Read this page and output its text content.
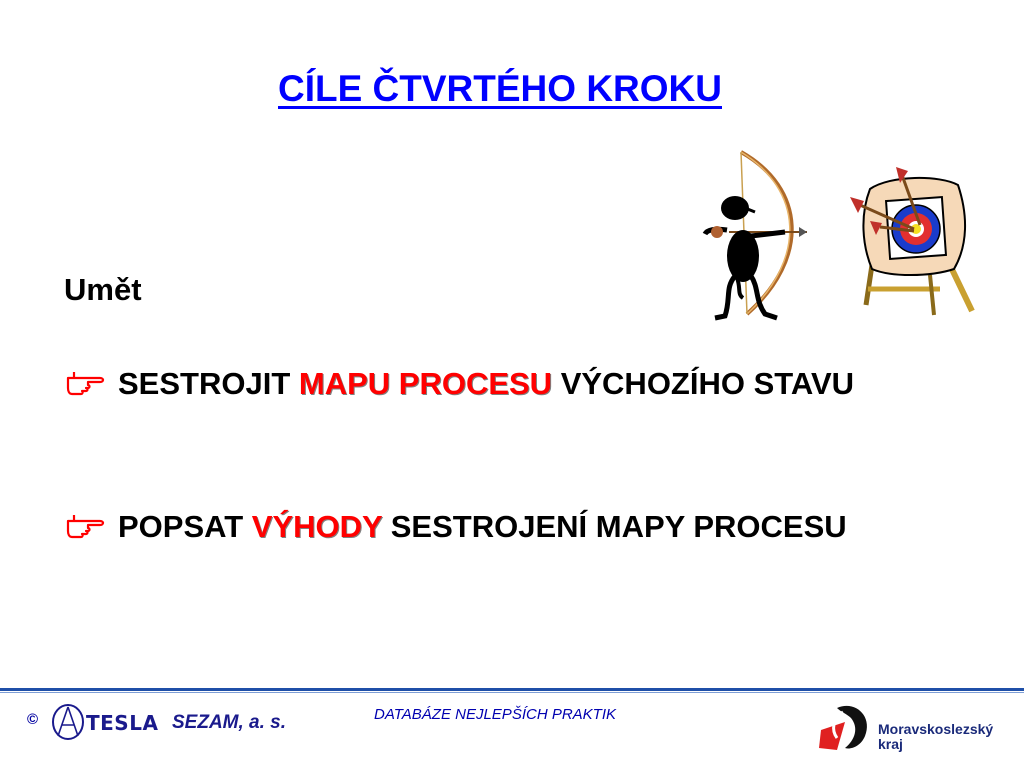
CÍLE ČTVRTÉHO KROKU
Umět
SESTROJIT MAPU PROCESU VÝCHOZÍHO STAVU
POPSAT VÝHODY SESTROJENÍ MAPY PROCESU
© TESLA SEZAM, a. s.	DATABÁZE NEJLEPŠÍCH PRAKTIK
Moravskoslezský
kraj
